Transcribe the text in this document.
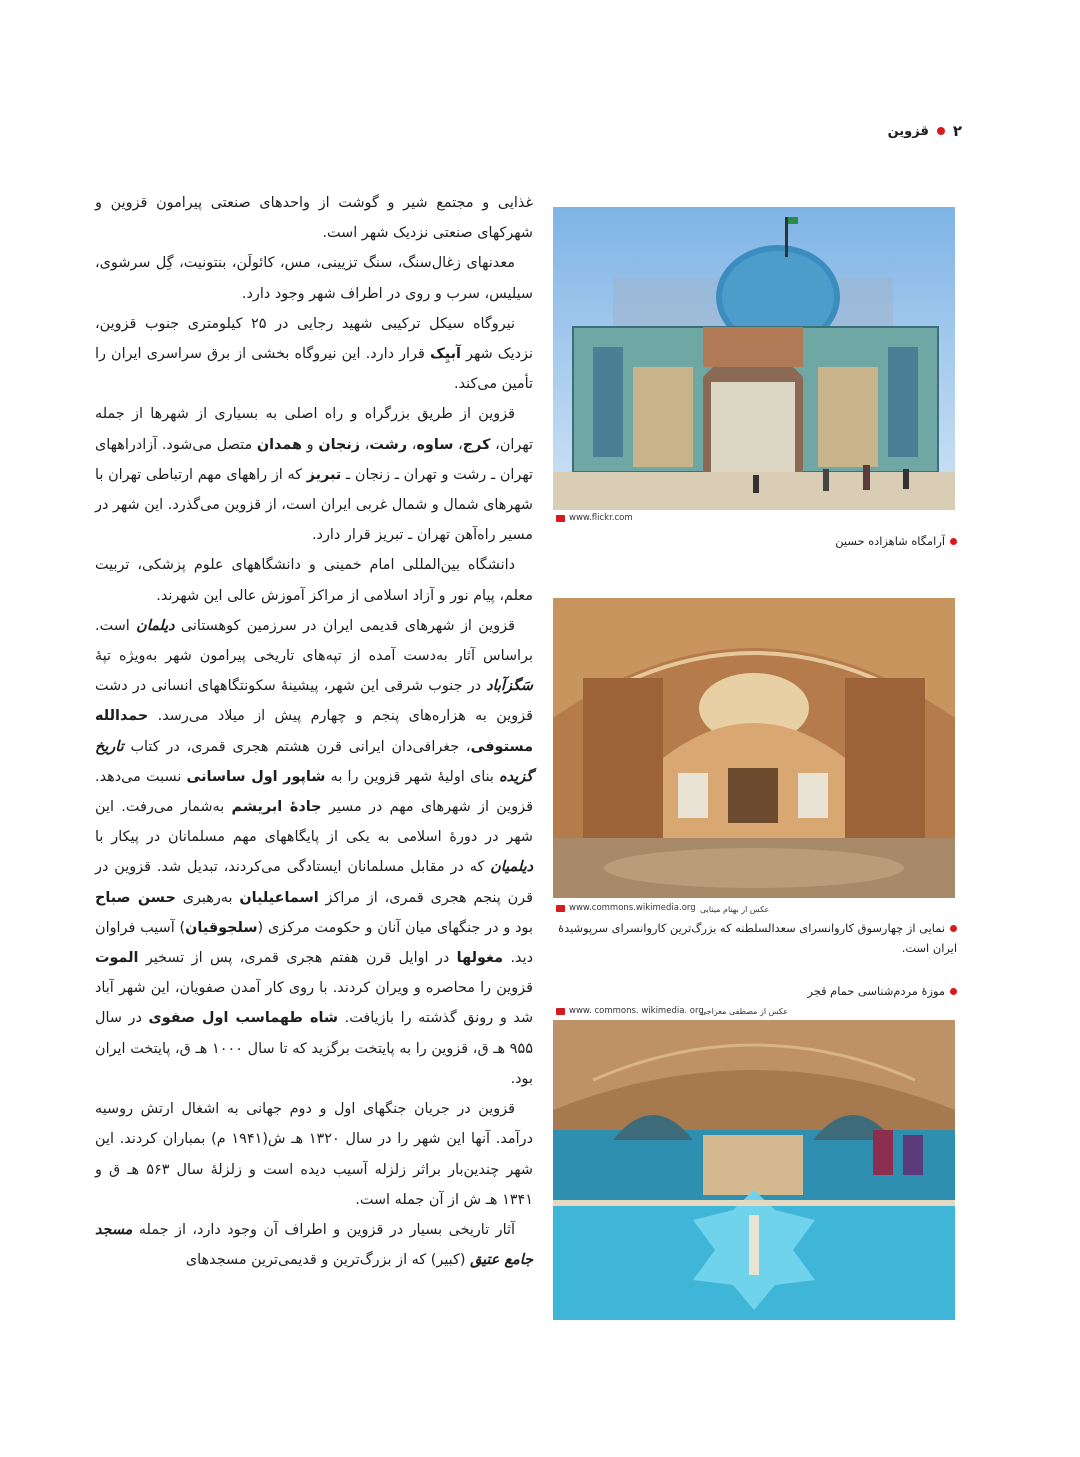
۲
قزوین

غذایی و مجتمع شیر و گوشت از واحدهای صنعتی پیرامون قزوین و شهرکهای صنعتی نزدیک شهر است.

معدنهای زغال‌سنگ، سنگ تزیینی، مس، کائولَن، بنتونیت، گِل سرشوی، سیلیس، سرب و روی در اطراف شهر وجود دارد.

نیروگاه سیکل ترکیبی شهید رجایی در ۲۵ کیلومتری جنوب قزوین، نزدیک شهر آبیِک قرار دارد. این نیروگاه بخشی از برق سراسری ایران را تأمین می‌کند.

قزوین از طریق بزرگراه و راه اصلی به بسیاری از شهرها از جمله تهران، کرج، ساوه، رشت، زنجان و همدان متصل می‌شود. آزادراههای تهران ـ رشت و تهران ـ زنجان ـ تبریز که از راههای مهم ارتباطی تهران با شهرهای شمال و شمال غربی ایران است، از قزوین می‌گذرد. این شهر در مسیر راه‌آهن تهران ـ تبریز قرار دارد.

دانشگاه بین‌المللی امام خمینی و دانشگاههای علوم پزشکی، تربیت معلم، پیام نور و آزاد اسلامی از مراکز آموزش عالی این شهرند.

قزوین از شهرهای قدیمی ایران در سرزمین کوهستانی دیلمان است. براساس آثار به‌دست آمده از تپه‌های تاریخی پیرامون شهر به‌ویژه تپهٔ سَگزآباد در جنوب شرقی این شهر، پیشینهٔ سکونتگاههای انسانی در دشت قزوین به هزاره‌های پنجم و چهارم پیش از میلاد می‌رسد. حمدالله مستوفی، جغرافی‌دان ایرانی قرن هشتم هجری قمری، در کتاب تاریخ گزیده بنای اولیهٔ شهر قزوین را به شاپور اول ساسانی نسبت می‌دهد. قزوین از شهرهای مهم در مسیر جادهٔ ابریشم به‌شمار می‌رفت. این شهر در دورهٔ اسلامی به یکی از پایگاههای مهم مسلمانان در پیکار با دیلمیان که در مقابل مسلمانان ایستادگی می‌کردند، تبدیل شد. قزوین در قرن پنجم هجری قمری، از مراکز اسماعیلیان به‌رهبری حسن صباح بود و در جنگهای میان آنان و حکومت مرکزی (سلجوقیان) آسیب فراوان دید. مغولها در اوایل قرن هفتم هجری قمری، پس از تسخیر الموت قزوین را محاصره و ویران کردند. با روی کار آمدن صفویان، این شهر آباد شد و رونق گذشته را بازیافت. شاه طهماسب اول صفوی در سال ۹۵۵ هـ ق، قزوین را به پایتخت برگزید که تا سال ۱۰۰۰ هـ ق، پایتخت ایران بود.

قزوین در جریان جنگهای اول و دوم جهانی به اشغال ارتش روسیه درآمد. آنها این شهر را در سال ۱۳۲۰ هـ ش(۱۹۴۱ م) بمباران کردند. این شهر چندین‌بار براثر زلزله آسیب دیده است و زلزلهٔ سال ۵۶۳ هـ ق و ۱۳۴۱ هـ ش از آن جمله است.

آثار تاریخی بسیار در قزوین و اطراف آن وجود دارد، از جمله مسجد جامع عتیق (کبیر) که از بزرگ‌ترین و قدیمی‌ترین مسجدهای

www.flickr.com
آرامگاه شاهزاده حسین
www.commons.wikimedia.org عکس از بهنام مینایی
نمایی از چهارسوق کاروانسرای سعدالسلطنه که بزرگ‌ترین کاروانسرای سرپوشیدهٔ ایران است.
موزهٔ مردم‌شناسی حمام قجر
www. commons. wikimedia. org
عکس از مصطفی معراجی
